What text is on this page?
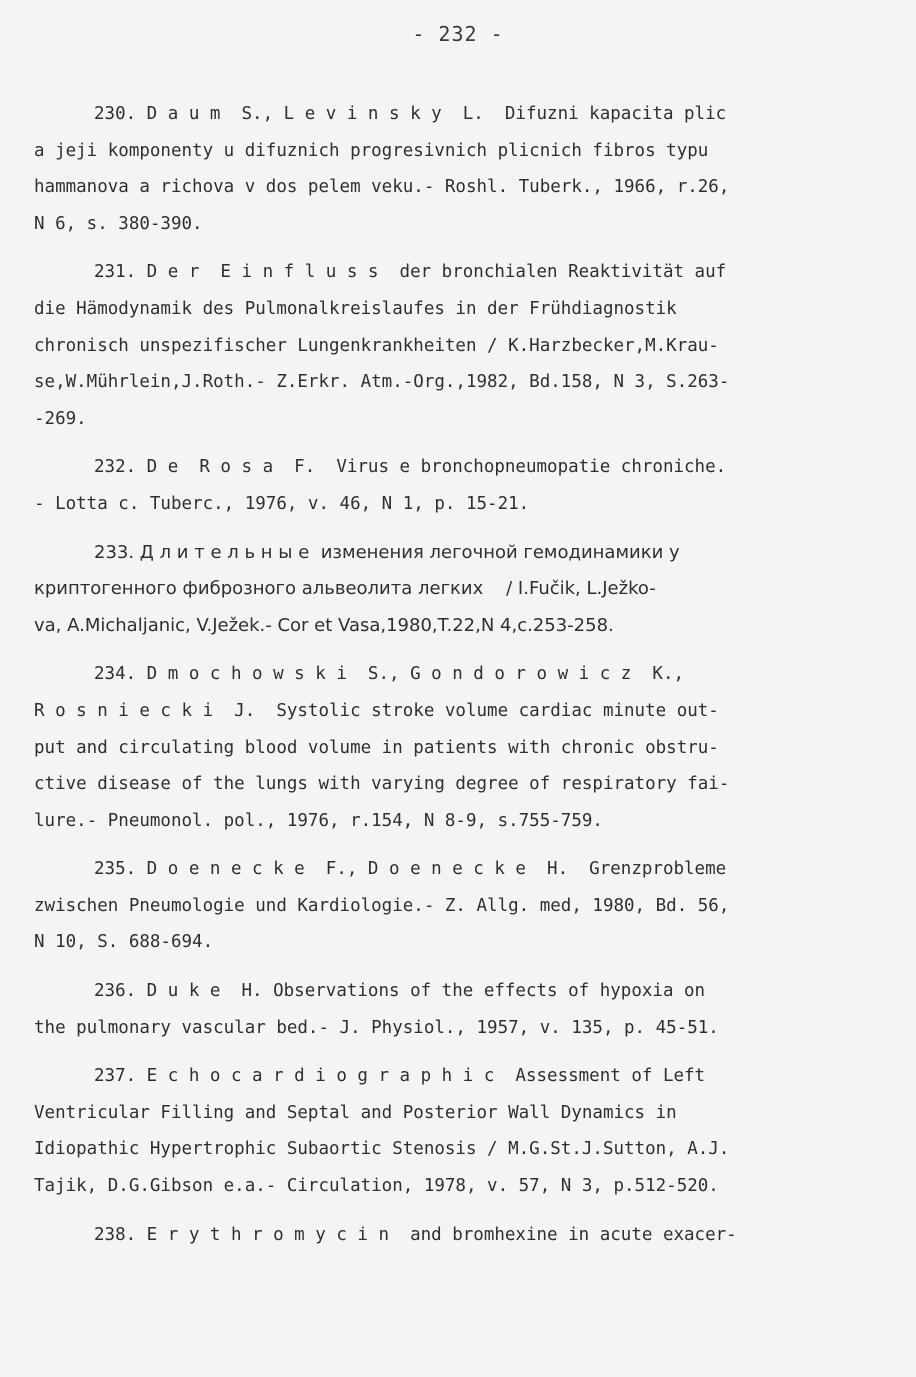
- 232 -
230. D a u m  S., L e v i n s k y  L.  Difuzni kapacita plic
a jeji komponenty u difuznich progresivnich plicnich fibros typu
hammanova a richova v dos pelem veku.- Roshl. Tuberk., 1966, r.26,
N 6, s. 380-390.
231. D e r  E i n f l u s s  der bronchialen Reaktivität auf
die Hämodynamik des Pulmonalkreislaufes in der Frühdiagnostik
chronisch unspezifischer Lungenkrankheiten / K.Harzbecker,M.Krau-
se,W.Mührlein,J.Roth.- Z.Erkr. Atm.-Org.,1982, Bd.158, N 3, S.263-
-269.
232. D e  R o s a  F.  Virus e bronchopneumopatie chroniche.
- Lotta c. Tuberc., 1976, v. 46, N 1, p. 15-21.
233. Д л и т е л ь н ы е  изменения легочной гемодинамики у
криптогенного фиброзного альвеолита легких    / I.Fučik, L.Ježko-
va, A.Michaljanic, V.Ježek.- Cor et Vasa,1980,T.22,N 4,c.253-258.
234. D m o c h o w s k i  S., G o n d o r o w i c z  K.,
R o s n i e c k i  J.  Systolic stroke volume cardiac minute out-
put and circulating blood volume in patients with chronic obstru-
ctive disease of the lungs with varying degree of respiratory fai-
lure.- Pneumonol. pol., 1976, r.154, N 8-9, s.755-759.
235. D o e n e c k e  F., D o e n e c k e  H.  Grenzprobleme
zwischen Pneumologie und Kardiologie.- Z. Allg. med, 1980, Bd. 56,
N 10, S. 688-694.
236. D u k e  H. Observations of the effects of hypoxia on
the pulmonary vascular bed.- J. Physiol., 1957, v. 135, p. 45-51.
237. E c h o c a r d i o g r a p h i c  Assessment of Left
Ventricular Filling and Septal and Posterior Wall Dynamics in
Idiopathic Hypertrophic Subaortic Stenosis / M.G.St.J.Sutton, A.J.
Tajik, D.G.Gibson e.a.- Circulation, 1978, v. 57, N 3, p.512-520.
238. E r y t h r o m y c i n  and bromhexine in acute exacer-
